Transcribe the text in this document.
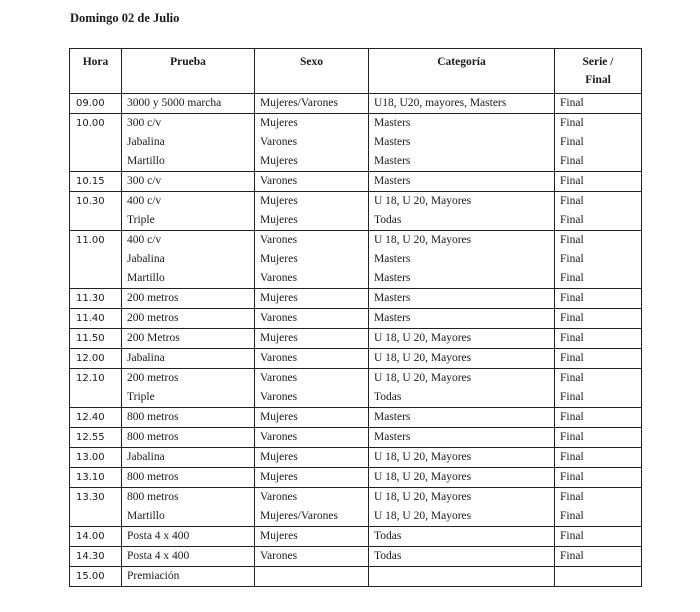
Domingo 02 de Julio
Hora	Prueba	Sexo	Categoría	Serie /
Final
09.00	3000 y 5000 marcha	Mujeres/Varones	U18, U20, mayores, Masters	Final
10.00	300 c/v	Mujeres	Masters	Final
	Jabalina	Varones	Masters	Final
	Martillo	Mujeres	Masters	Final
10.15	300 c/v	Varones	Masters	Final
10.30	400 c/v	Mujeres	U 18, U 20, Mayores	Final
	Triple	Mujeres	Todas	Final
11.00	400 c/v	Varones	U 18, U 20, Mayores	Final
	Jabalina	Mujeres	Masters	Final
	Martillo	Varones	Masters	Final
11.30	200 metros	Mujeres	Masters	Final
11.40	200 metros	Varones	Masters	Final
11.50	200 Metros	Mujeres	U 18, U 20, Mayores	Final
12.00	Jabalina	Varones	U 18, U 20, Mayores	Final
12.10	200 metros	Varones	U 18, U 20, Mayores	Final
	Triple	Varones	Todas	Final
12.40	800 metros	Mujeres	Masters	Final
12.55	800 metros	Varones	Masters	Final
13.00	Jabalina	Mujeres	U 18, U 20, Mayores	Final
13.10	800 metros	Mujeres	U 18, U 20, Mayores	Final
13.30	800 metros	Varones	U 18, U 20, Mayores	Final
	Martillo	Mujeres/Varones	U 18, U 20, Mayores	Final
14.00	Posta 4 x 400	Mujeres	Todas	Final
14.30	Posta 4 x 400	Varones	Todas	Final
15.00	Premiación			
